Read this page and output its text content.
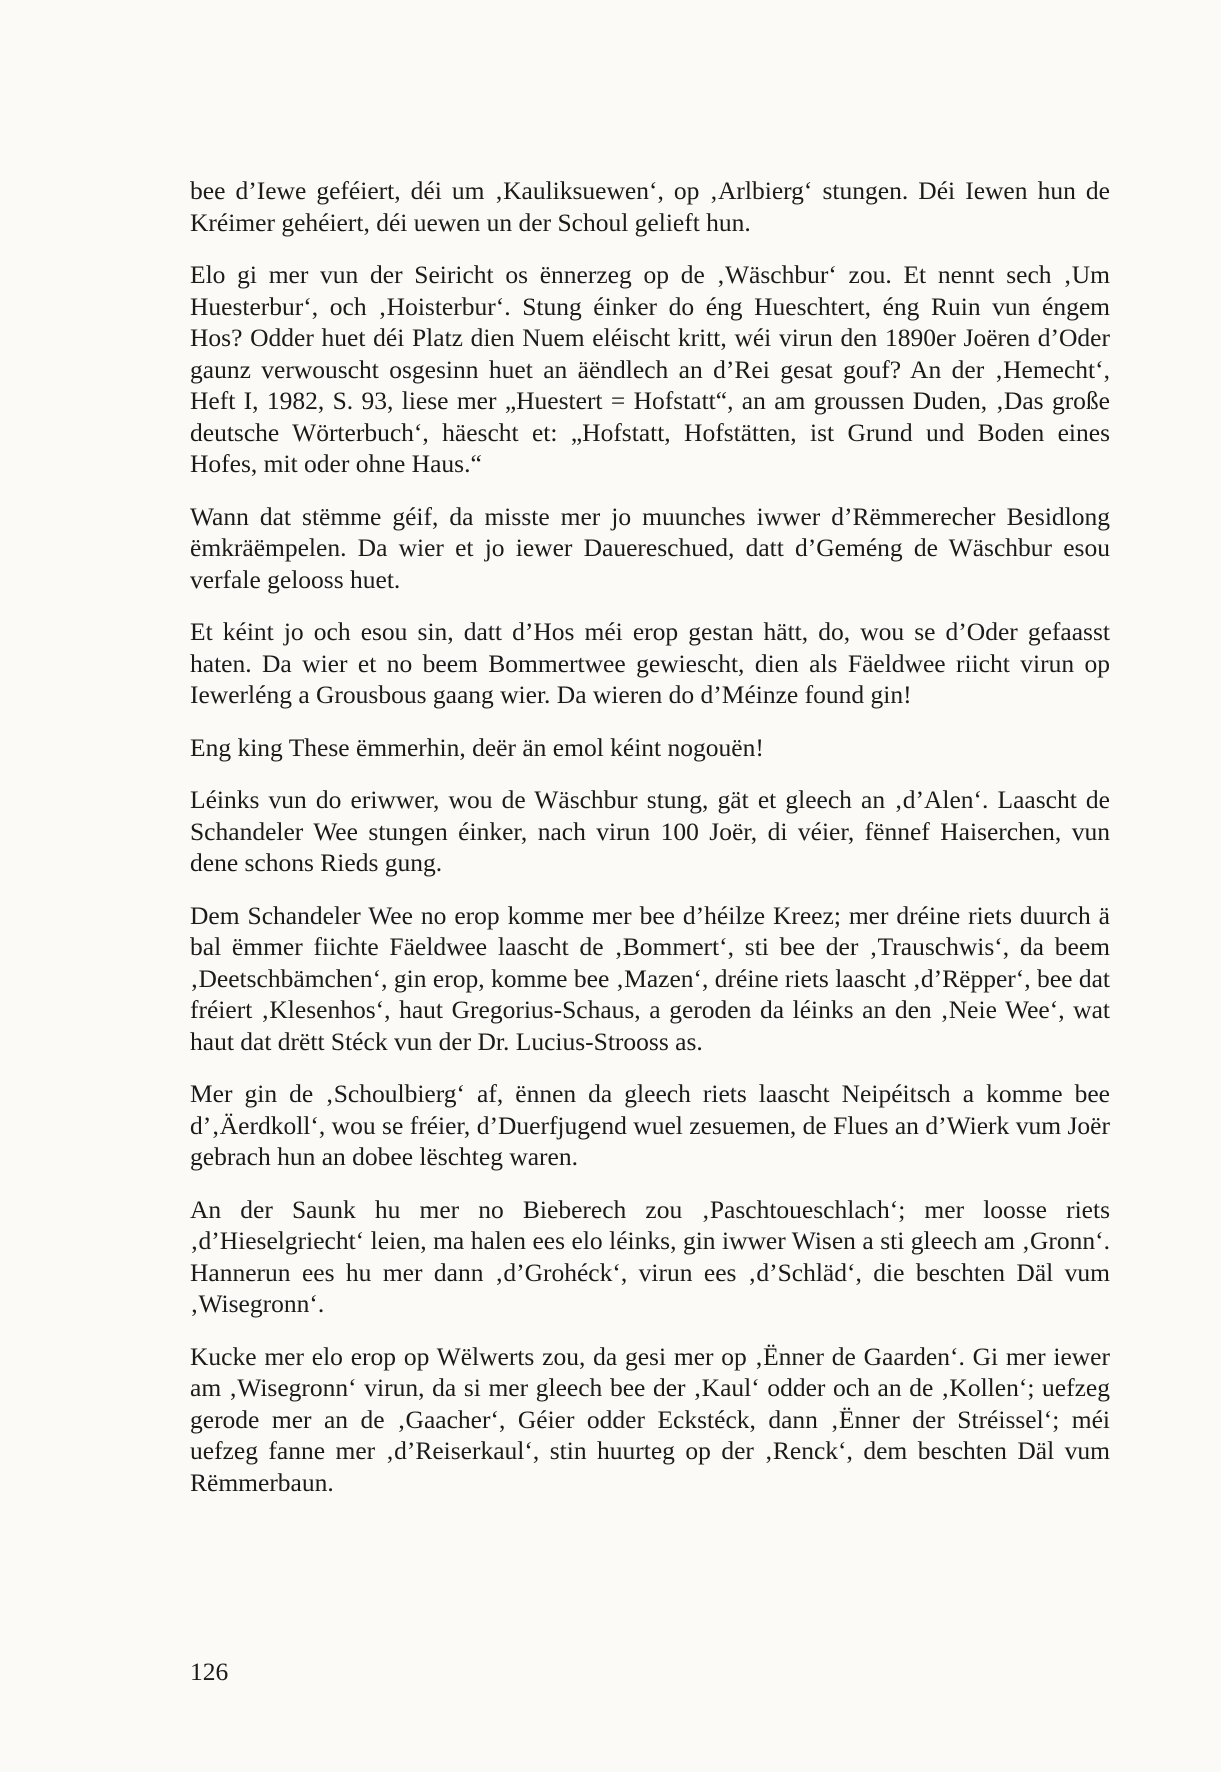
bee d’Iewe geféiert, déi um ‚Kauliksuewen‘, op ‚Arlbierg‘ stungen. Déi Iewen hun de Kréimer gehéiert, déi uewen un der Schoul gelieft hun.

Elo gi mer vun der Seiricht os ënnerzeg op de ‚Wäschbur‘ zou. Et nennt sech ‚Um Huesterbur‘, och ‚Hoisterbur‘. Stung éinker do éng Hueschtert, éng Ruin vun éngem Hos? Odder huet déi Platz dien Nuem eléischt kritt, wéi virun den 1890er Joëren d’Oder gaunz verwouscht osgesinn huet an äëndlech an d’Rei gesat gouf? An der ‚Hemecht‘, Heft I, 1982, S. 93, liese mer „Huestert = Hofstatt“, an am groussen Duden, ‚Das große deutsche Wörterbuch‘, häescht et: „Hofstatt, Hofstätten, ist Grund und Boden eines Hofes, mit oder ohne Haus.“

Wann dat stëmme géif, da misste mer jo muunches iwwer d’Rëmmerecher Besidlong ëmkräëmpelen. Da wier et jo iewer Dauereschued, datt d’Geméng de Wäschbur esou verfale gelooss huet.

Et kéint jo och esou sin, datt d’Hos méi erop gestan hätt, do, wou se d’Oder gefaasst haten. Da wier et no beem Bommertwee gewiescht, dien als Fäeldwee riicht virun op Iewerléng a Grousbous gaang wier. Da wieren do d’Méinze found gin!

Eng king These ëmmerhin, deër än emol kéint nogouën!

Léinks vun do eriwwer, wou de Wäschbur stung, gät et gleech an ‚d’Alen‘. Laascht de Schandeler Wee stungen éinker, nach virun 100 Joër, di véier, fënnef Haiserchen, vun dene schons Rieds gung.

Dem Schandeler Wee no erop komme mer bee d’héilze Kreez; mer dréine riets duurch ä bal ëmmer fiichte Fäeldwee laascht de ‚Bommert‘, sti bee der ‚Trauschwis‘, da beem ‚Deetschbämchen‘, gin erop, komme bee ‚Mazen‘, dréine riets laascht ‚d’Rëpper‘, bee dat fréiert ‚Klesenhos‘, haut Gregorius-Schaus, a geroden da léinks an den ‚Neie Wee‘, wat haut dat drëtt Stéck vun der Dr. Lucius-Strooss as.

Mer gin de ‚Schoulbierg‘ af, ënnen da gleech riets laascht Neipéitsch a komme bee d’‚Äerdkoll‘, wou se fréier, d’Duerfjugend wuel zesuemen, de Flues an d’Wierk vum Joër gebrach hun an dobee lëschteg waren.

An der Saunk hu mer no Bieberech zou ‚Paschtoueschlach‘; mer loosse riets ‚d’Hieselgriecht‘ leien, ma halen ees elo léinks, gin iwwer Wisen a sti gleech am ‚Gronn‘. Hannerun ees hu mer dann ‚d’Grohéck‘, virun ees ‚d’Schläd‘, die beschten Däl vum ‚Wisegronn‘.

Kucke mer elo erop op Wëlwerts zou, da gesi mer op ‚Ënner de Gaarden‘. Gi mer iewer am ‚Wisegronn‘ virun, da si mer gleech bee der ‚Kaul‘ odder och an de ‚Kollen‘; uefzeg gerode mer an de ‚Gaacher‘, Géier odder Eckstéck, dann ‚Ënner der Stréissel‘; méi uefzeg fanne mer ‚d’Reiserkaul‘, stin huurteg op der ‚Renck‘, dem beschten Däl vum Rëmmerbaun.

126
